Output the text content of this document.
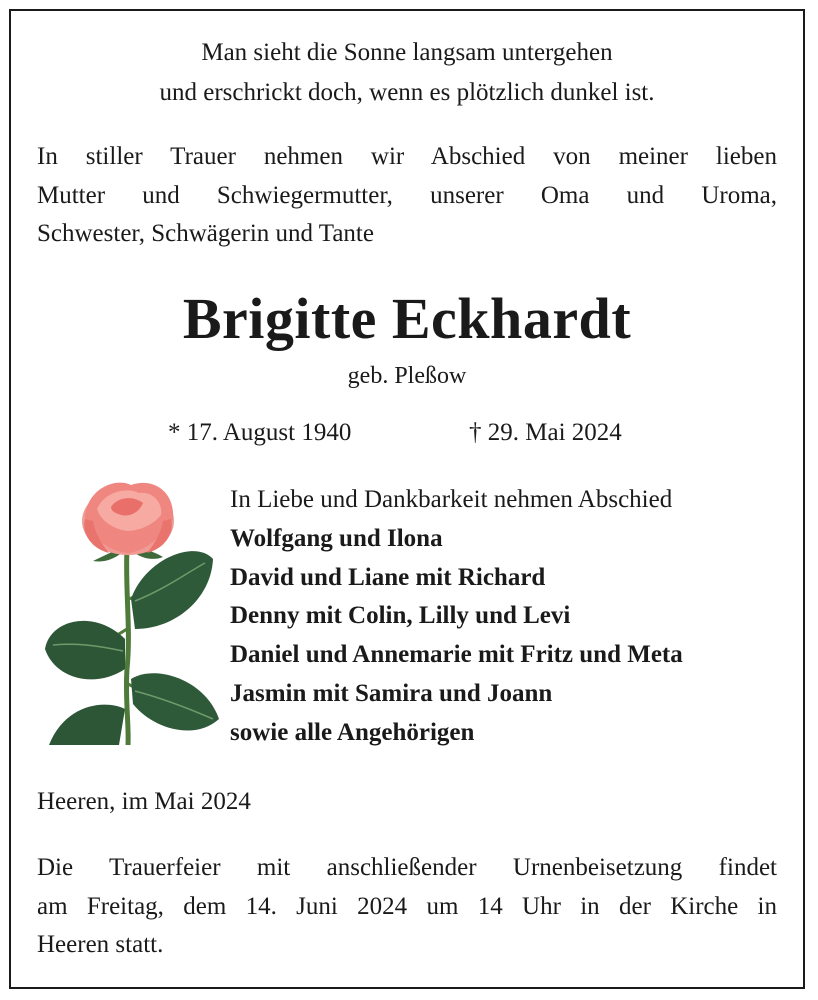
Man sieht die Sonne langsam untergehen
und erschrickt doch, wenn es plötzlich dunkel ist.
In stiller Trauer nehmen wir Abschied von meiner lieben
Mutter und Schwiegermutter, unserer Oma und Uroma,
Schwester, Schwägerin und Tante
Brigitte Eckhardt
geb. Pleßow
* 17. August 1940	† 29. Mai 2024
In Liebe und Dankbarkeit nehmen Abschied
Wolfgang und Ilona
David und Liane mit Richard
Denny mit Colin, Lilly und Levi
Daniel und Annemarie mit Fritz und Meta
Jasmin mit Samira und Joann
sowie alle Angehörigen
Heeren, im Mai 2024
Die Trauerfeier mit anschließender Urnenbeisetzung findet
am Freitag, dem 14. Juni 2024 um 14 Uhr in der Kirche in
Heeren statt.
